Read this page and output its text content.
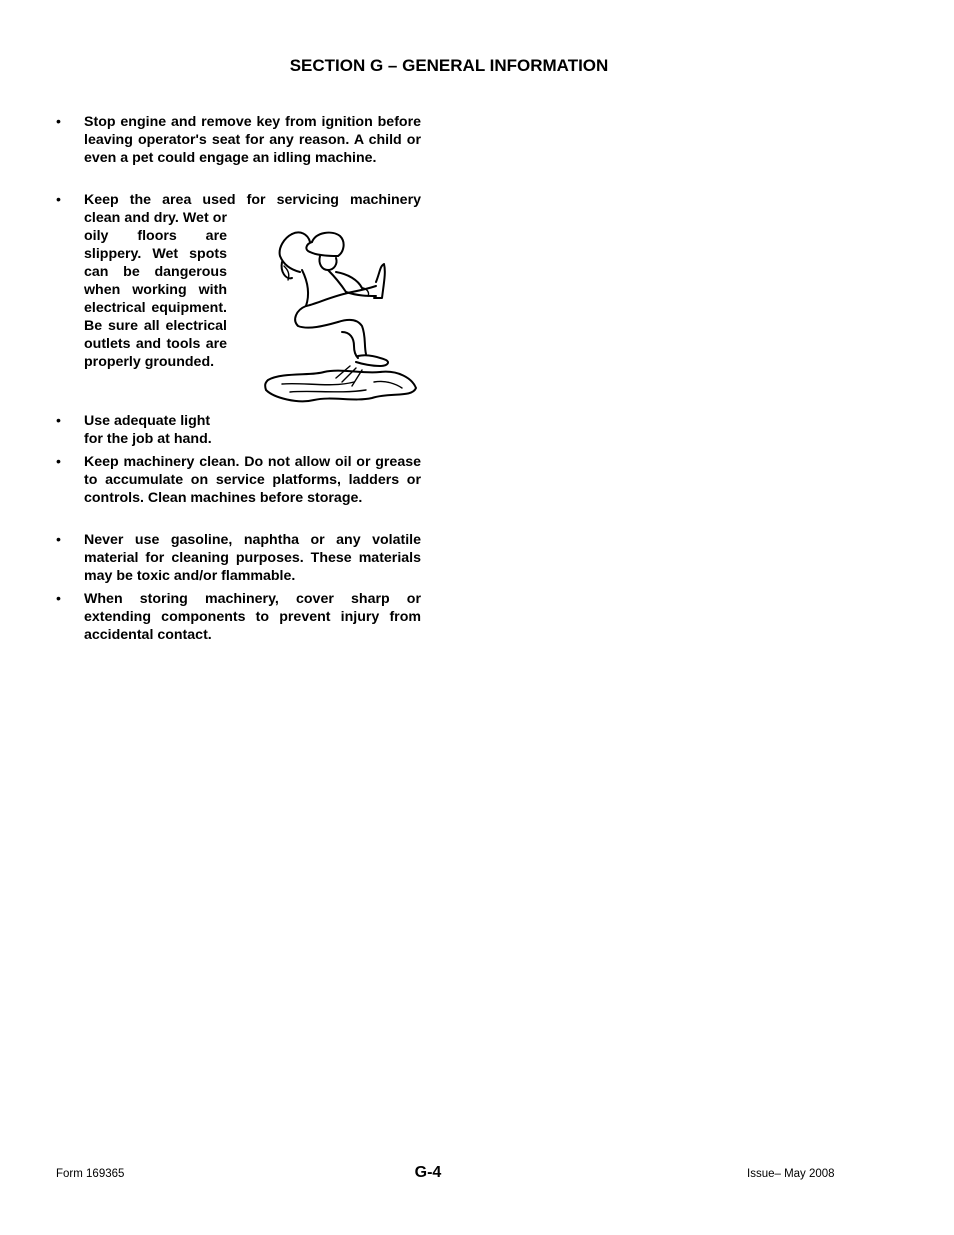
SECTION G – GENERAL INFORMATION
• Stop engine and remove key from ignition before leaving operator's seat for any reason. A child or even a pet could engage an idling machine.
• Keep the area used for servicing machinery
clean and dry. Wet or oily floors are slippery. Wet spots can be dangerous when working with electrical equipment. Be sure all electrical outlets and tools are properly grounded.
• Use adequate light for the job at hand.
• Keep machinery clean. Do not allow oil or grease to accumulate on service platforms, ladders or controls. Clean machines before storage.
• Never use gasoline, naphtha or any volatile material for cleaning purposes. These materials may be toxic and/or flammable.
• When storing machinery, cover sharp or extending components to prevent injury from accidental contact.
Form 169365	G-4	Issue– May 2008
